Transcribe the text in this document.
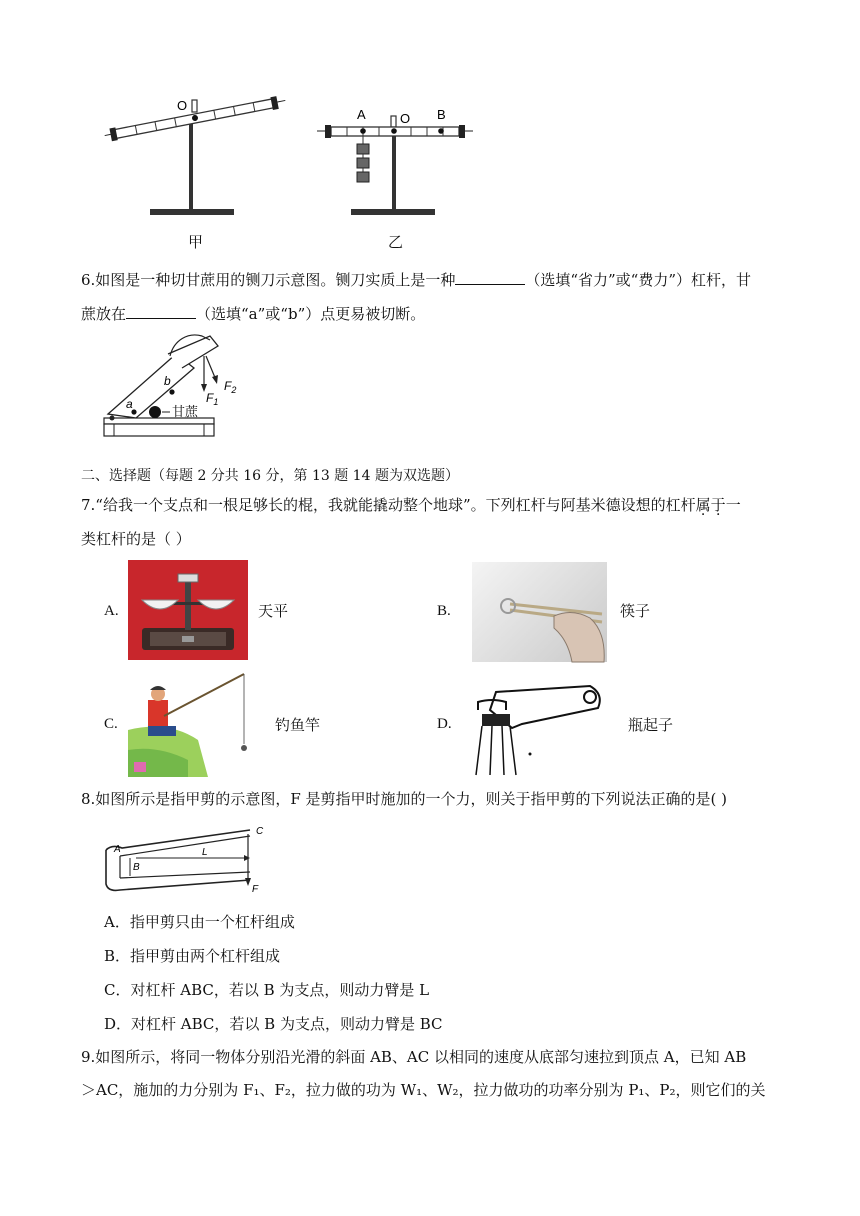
O
A	O B
甲	乙
6.如图是一种切甘蔗用的铡刀示意图。铡刀实质上是一种	（选填“省力”或“费力”）杠杆，甘
蔗放在	（选填“a”或“b”）点更易被切断。
a
b
$F_1$
$F_2$
甘蔗
二、选择题（每题 2 分共 16 分，第 13 题 14 题为双选题）
7.“给我一个支点和一根足够长的棍，我就能撬动整个地球”。下列杠杆与阿基米德设想的杠杆属于一
类杠杆的是（ ）
A.	天平	B.	筷子
C.	钓鱼竿	D.	瓶起子
8.如图所示是指甲剪的示意图，F 是剪指甲时施加的一个力，则关于指甲剪的下列说法正确的是( )
A
B
C
L
F
A．指甲剪只由一个杠杆组成
B．指甲剪由两个杠杆组成
C．对杠杆 ABC，若以 B 为支点，则动力臂是 L
D．对杠杆 ABC，若以 B 为支点，则动力臂是 BC
9.如图所示，将同一物体分别沿光滑的斜面 AB、AC 以相同的速度从底部匀速拉到顶点 A，已知 AB
＞AC，施加的力分别为 F₁、F₂，拉力做的功为 W₁、W₂，拉力做功的功率分别为 P₁、P₂，则它们的关
